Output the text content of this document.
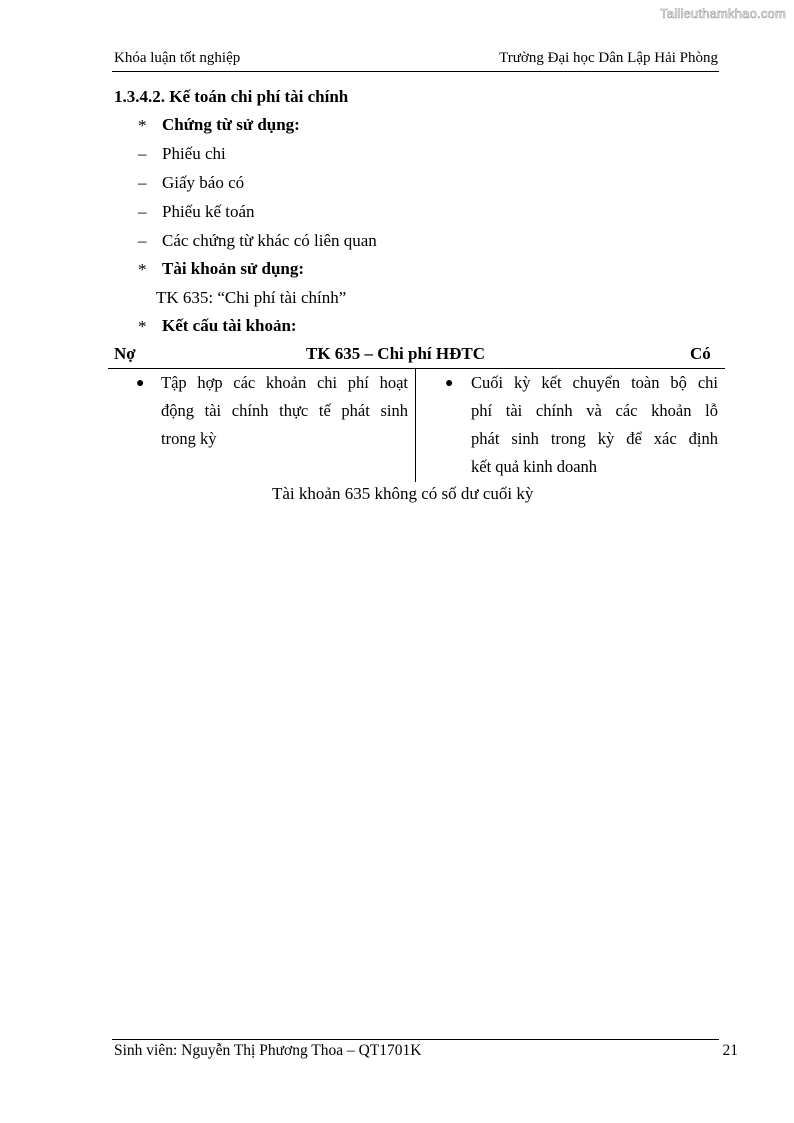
Tailieuthamkhao.com
Khóa luận tốt nghiệp	Trường Đại học Dân Lập Hải Phòng
1.3.4.2. Kế toán chi phí tài chính
* Chứng từ sử dụng:
– Phiếu chi
– Giấy báo có
– Phiếu kế toán
– Các chứng từ khác có liên quan
* Tài khoản sử dụng:
TK 635: “Chi phí tài chính”
* Kết cấu tài khoản:
Nợ	TK 635 – Chi phí HĐTC	Có
● Tập hợp các khoản chi phí hoạt
động tài chính thực tế phát sinh
trong kỳ
● Cuối kỳ kết chuyển toàn bộ chi
phí tài chính và các khoản lỗ
phát sinh trong kỳ để xác định
kết quả kinh doanh
Tài khoản 635 không có số dư cuối kỳ
Sinh viên: Nguyễn Thị Phương Thoa – QT1701K	21
